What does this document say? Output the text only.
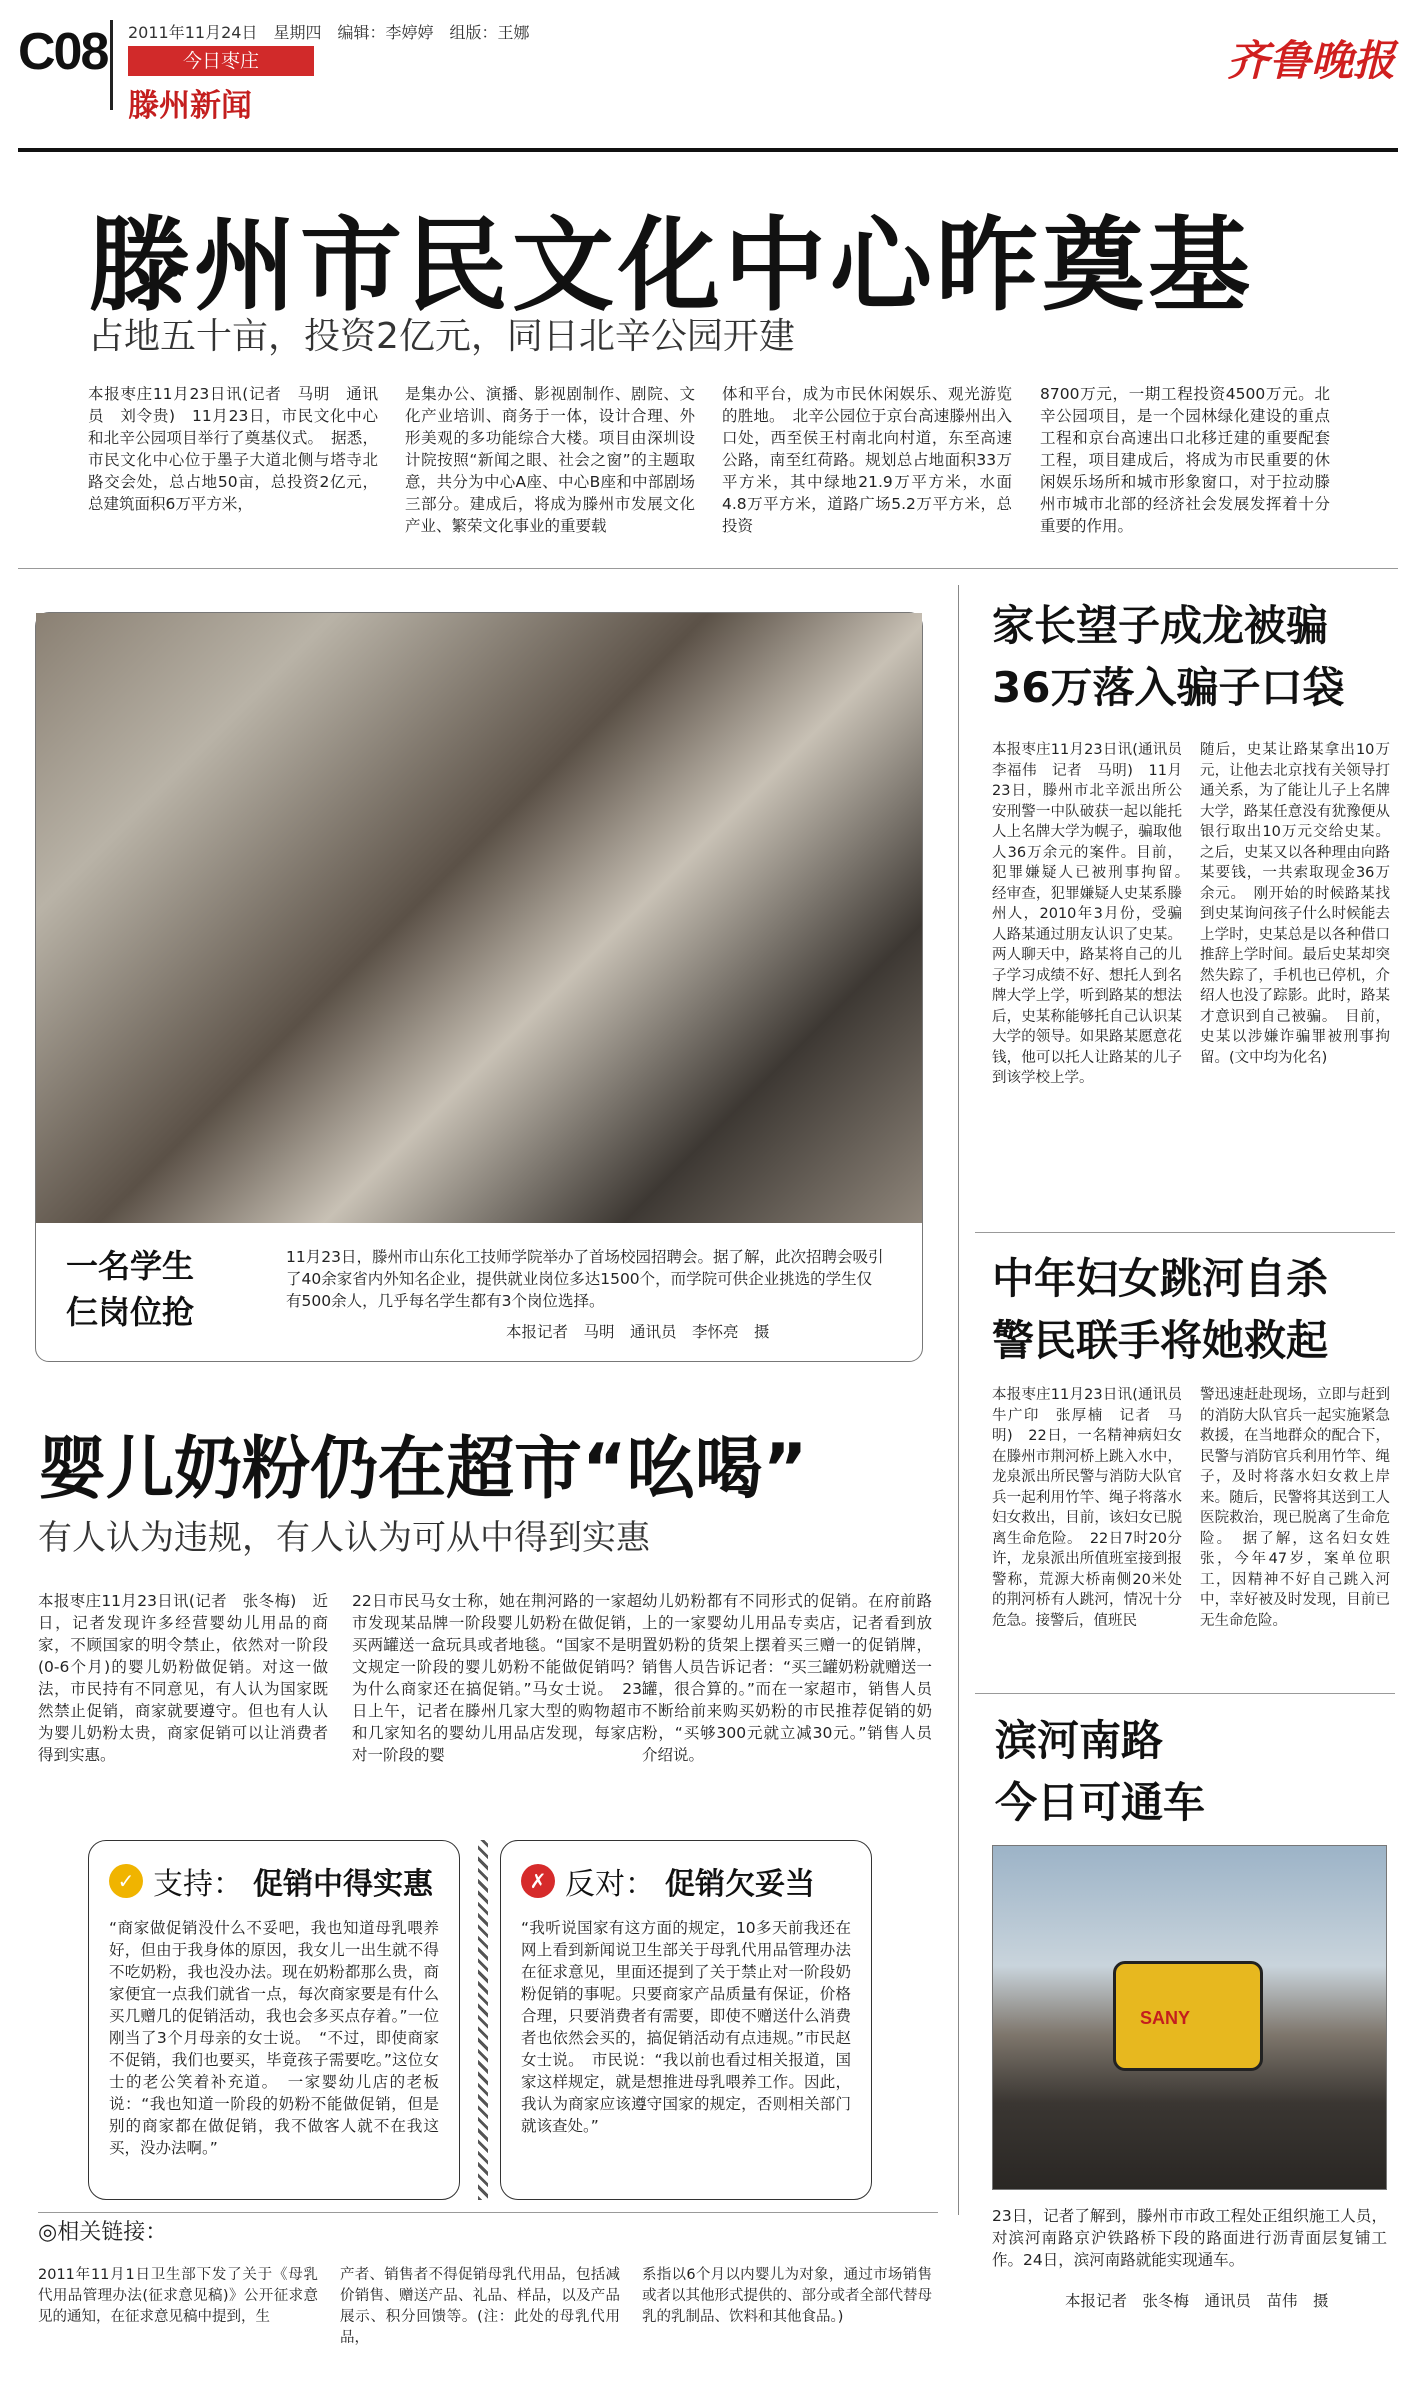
C08 2011年11月24日　星期四　编辑：李婷婷　组版：王娜
今日枣庄
滕州新闻
齐鲁晚报
滕州市民文化中心昨奠基
占地五十亩，投资2亿元，同日北辛公园开建
本报枣庄11月23日讯(记者　马明　通讯员　刘令贵)　11月23日，市民文化中心和北辛公园项目举行了奠基仪式。　据悉，市民文化中心位于墨子大道北侧与塔寺北路交会处，总占地50亩，总投资2亿元，总建筑面积6万平方米，
是集办公、演播、影视剧制作、剧院、文化产业培训、商务于一体，设计合理、外形美观的多功能综合大楼。项目由深圳设计院按照“新闻之眼、社会之窗”的主题取意，共分为中心A座、中心B座和中部剧场三部分。建成后，将成为滕州市发展文化产业、繁荣文化事业的重要载
体和平台，成为市民休闲娱乐、观光游览的胜地。　北辛公园位于京台高速滕州出入口处，西至侯王村南北向村道，东至高速公路，南至红荷路。规划总占地面积33万平方米，其中绿地21.9万平方米，水面4.8万平方米，道路广场5.2万平方米，总投资
8700万元，一期工程投资4500万元。北辛公园项目，是一个园林绿化建设的重点工程和京台高速出口北移迁建的重要配套工程，项目建成后，将成为市民重要的休闲娱乐场所和城市形象窗口，对于拉动滕州市城市北部的经济社会发展发挥着十分重要的作用。
一名学生
仨岗位抢
11月23日，滕州市山东化工技师学院举办了首场校园招聘会。据了解，此次招聘会吸引了40余家省内外知名企业，提供就业岗位多达1500个，而学院可供企业挑选的学生仅有500余人，几乎每名学生都有3个岗位选择。
本报记者　马明　通讯员　李怀亮　摄
家长望子成龙被骗
36万落入骗子口袋
本报枣庄11月23日讯(通讯员　李福伟　记者　马明)　11月23日，滕州市北辛派出所公安刑警一中队破获一起以能托人上名牌大学为幌子，骗取他人36万余元的案件。目前，犯罪嫌疑人已被刑事拘留。　经审查，犯罪嫌疑人史某系滕州人，2010年3月份，受骗人路某通过朋友认识了史某。两人聊天中，路某将自己的儿子学习成绩不好、想托人到名牌大学上学，听到路某的想法后，史某称能够托自己认识某大学的领导。如果路某愿意花钱，他可以托人让路某的儿子到该学校上学。
随后，史某让路某拿出10万元，让他去北京找有关领导打通关系，为了能让儿子上名牌大学，路某任意没有犹豫便从银行取出10万元交给史某。之后，史某又以各种理由向路某要钱，一共索取现金36万余元。　刚开始的时候路某找到史某询问孩子什么时候能去上学时，史某总是以各种借口推辞上学时间。最后史某却突然失踪了，手机也已停机，介绍人也没了踪影。此时，路某才意识到自己被骗。　目前，史某以涉嫌诈骗罪被刑事拘留。(文中均为化名)
中年妇女跳河自杀
警民联手将她救起
本报枣庄11月23日讯(通讯员　牛广印　张厚楠　记者　马明)　22日，一名精神病妇女在滕州市荆河桥上跳入水中，龙泉派出所民警与消防大队官兵一起利用竹竿、绳子将落水妇女救出，目前，该妇女已脱离生命危险。　22日7时20分许，龙泉派出所值班室接到报警称，荒源大桥南侧20米处的荆河桥有人跳河，情况十分危急。接警后，值班民
警迅速赶赴现场，立即与赶到的消防大队官兵一起实施紧急救援，在当地群众的配合下，民警与消防官兵利用竹竿、绳子，及时将落水妇女救上岸来。随后，民警将其送到工人医院救治，现已脱离了生命危险。　据了解，这名妇女姓张，今年47岁，案单位职工，因精神不好自己跳入河中，幸好被及时发现，目前已无生命危险。
滨河南路
今日可通车
SANY
23日，记者了解到，滕州市市政工程处正组织施工人员，对滨河南路京沪铁路桥下段的路面进行沥青面层复铺工作。24日，滨河南路就能实现通车。
本报记者　张冬梅　通讯员　苗伟　摄
婴儿奶粉仍在超市“吆喝”
有人认为违规，有人认为可从中得到实惠
本报枣庄11月23日讯(记者　张冬梅)　近日，记者发现许多经营婴幼儿用品的商家，不顾国家的明令禁止，依然对一阶段(0-6个月)的婴儿奶粉做促销。对这一做法，市民持有不同意见，有人认为国家既然禁止促销，商家就要遵守。但也有人认为婴儿奶粉太贵，商家促销可以让消费者得到实惠。
22日市民马女士称，她在荆河路的一家超市发现某品牌一阶段婴儿奶粉在做促销，买两罐送一盒玩具或者地毯。“国家不是明文规定一阶段的婴儿奶粉不能做促销吗？为什么商家还在搞促销。”马女士说。　23日上午，记者在滕州几家大型的购物超市和几家知名的婴幼儿用品店发现，每家店对一阶段的婴
幼儿奶粉都有不同形式的促销。在府前路上的一家婴幼儿用品专卖店，记者看到放置奶粉的货架上摆着买三赠一的促销牌，销售人员告诉记者：“买三罐奶粉就赠送一罐，很合算的。”而在一家超市，销售人员不断给前来购买奶粉的市民推荐促销的奶粉，“买够300元就立减30元。”销售人员介绍说。
✓ 支持： 促销中得实惠
“商家做促销没什么不妥吧，我也知道母乳喂养好，但由于我身体的原因，我女儿一出生就不得不吃奶粉，我也没办法。现在奶粉都那么贵，商家便宜一点我们就省一点，每次商家要是有什么买几赠几的促销活动，我也会多买点存着。”一位刚当了3个月母亲的女士说。　“不过，即使商家不促销，我们也要买，毕竟孩子需要吃。”这位女士的老公笑着补充道。　一家婴幼儿店的老板说：“我也知道一阶段的奶粉不能做促销，但是别的商家都在做促销，我不做客人就不在我这买，没办法啊。”
✗ 反对： 促销欠妥当
“我听说国家有这方面的规定，10多天前我还在网上看到新闻说卫生部关于母乳代用品管理办法在征求意见，里面还提到了关于禁止对一阶段奶粉促销的事呢。只要商家产品质量有保证，价格合理，只要消费者有需要，即使不赠送什么消费者也依然会买的，搞促销活动有点违规。”市民赵女士说。　市民说：“我以前也看过相关报道，国家这样规定，就是想推进母乳喂养工作。因此，我认为商家应该遵守国家的规定，否则相关部门就该查处。”
◎相关链接：
2011年11月1日卫生部下发了关于《母乳代用品管理办法(征求意见稿)》公开征求意见的通知，在征求意见稿中提到，生
产者、销售者不得促销母乳代用品，包括减价销售、赠送产品、礼品、样品，以及产品展示、积分回馈等。(注：此处的母乳代用品，
系指以6个月以内婴儿为对象，通过市场销售或者以其他形式提供的、部分或者全部代替母乳的乳制品、饮料和其他食品。)
